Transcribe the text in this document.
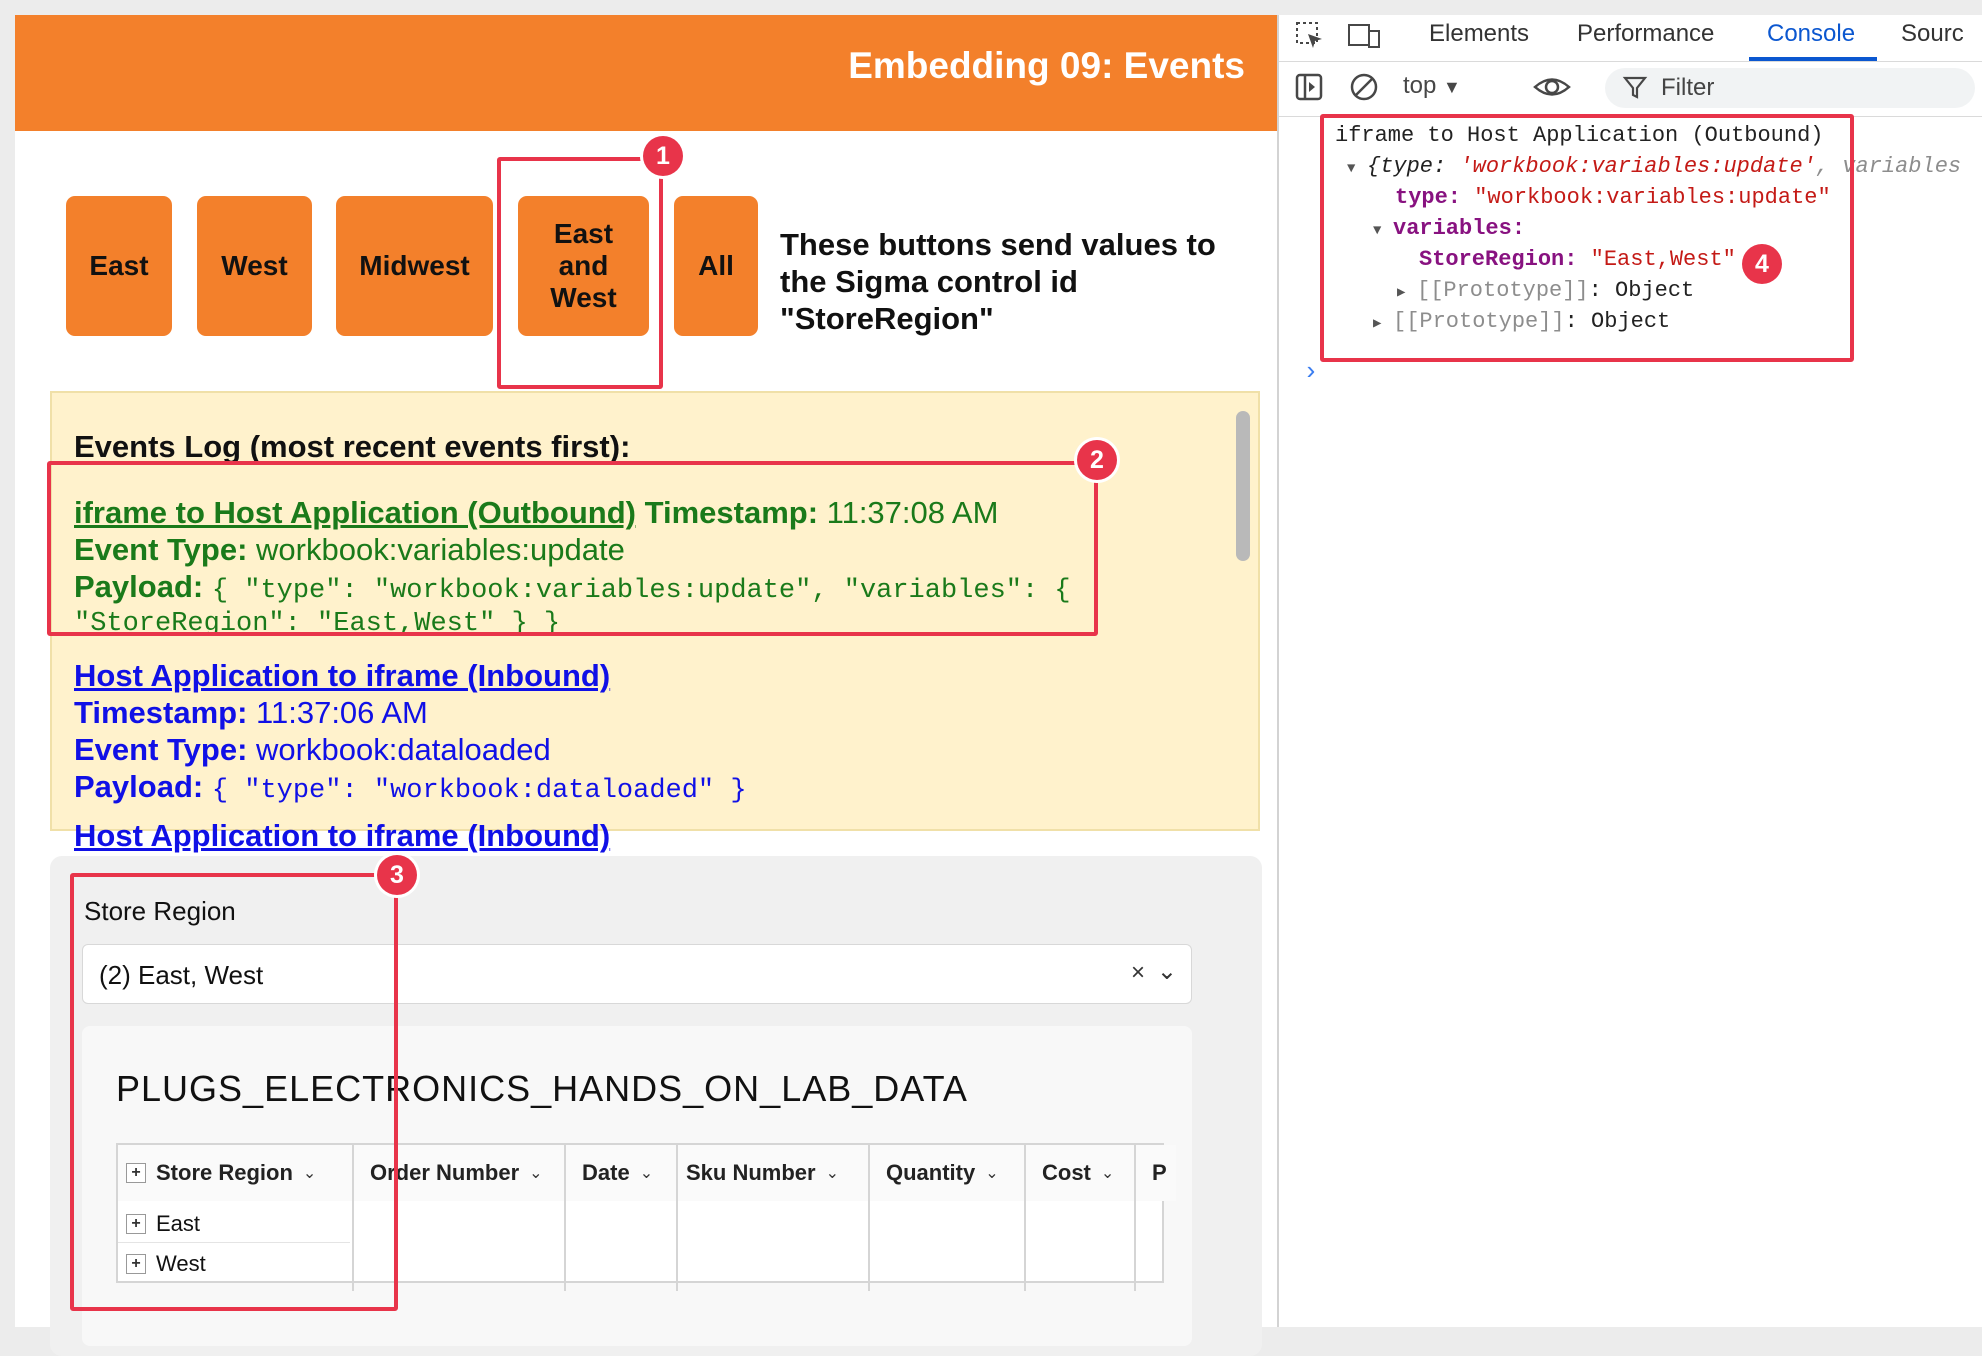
Embedding 09: Events
East	West	Midwest
East and West
All
These buttons send values to the Sigma control id "StoreRegion"
Events Log (most recent events first):
iframe to Host Application (Outbound) Timestamp: 11:37:08 AM
Event Type: workbook:variables:update
Payload: { "type": "workbook:variables:update", "variables": {
"StoreRegion": "East,West" } }
Host Application to iframe (Inbound)
Timestamp: 11:37:06 AM
Event Type: workbook:dataloaded
Payload: { "type": "workbook:dataloaded" }
Host Application to iframe (Inbound)
Store Region
(2) East, West	× ⌄
PLUGS_ELECTRONICS_HANDS_ON_LAB_DATA
+ Store Region ⌄ Order Number ⌄ Date ⌄ Sku Number ⌄ Quantity ⌄ Cost ⌄ P
+ East
+ West
Elements Performance Console Sourc
top ▼	Filter
iframe to Host Application (Outbound)
▼ {type: 'workbook:variables:update', variables
type: "workbook:variables:update"
▼ variables:
StoreRegion: "East,West"
▶ [[Prototype]]: Object
▶ [[Prototype]]: Object
›
1
2
3
4
